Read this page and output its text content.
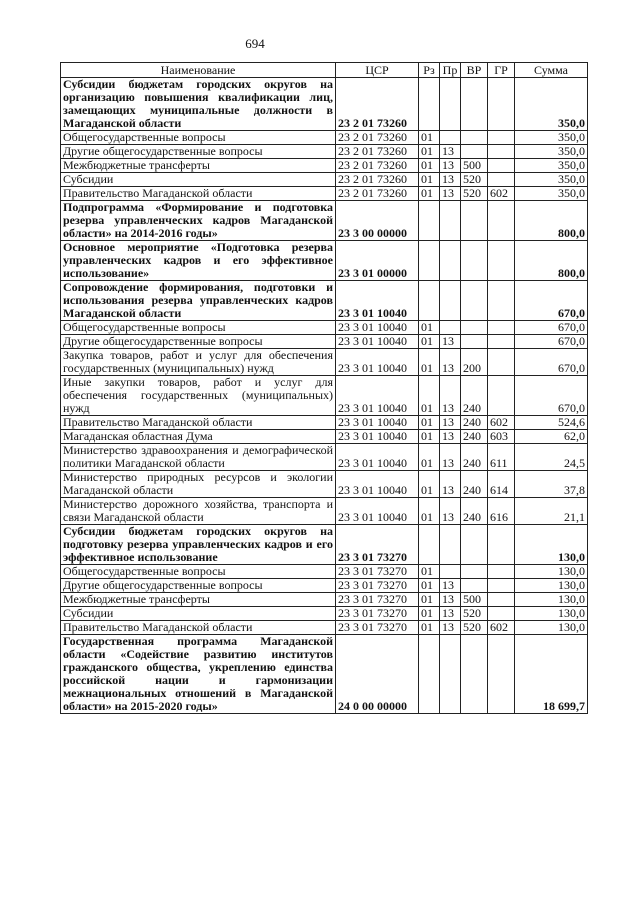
694
Наименование	ЦСР	Рз	Пр	ВР	ГР	Сумма
Субсидии бюджетам городских округов на организацию повышения квалификации лиц, замещающих муниципальные должности в Магаданской области	23 2 01 73260					350,0
Общегосударственные вопросы	23 2 01 73260	01				350,0
Другие общегосударственные вопросы	23 2 01 73260	01	13			350,0
Межбюджетные трансферты	23 2 01 73260	01	13	500		350,0
Субсидии	23 2 01 73260	01	13	520		350,0
Правительство Магаданской области	23 2 01 73260	01	13	520	602	350,0
Подпрограмма «Формирование и подготовка резерва управленческих кадров Магаданской области» на 2014-2016 годы»	23 3 00 00000					800,0
Основное мероприятие «Подготовка резерва управленческих кадров и его эффективное использование»	23 3 01 00000					800,0
Сопровождение формирования, подготовки и использования резерва управленческих кадров Магаданской области	23 3 01 10040					670,0
Общегосударственные вопросы	23 3 01 10040	01				670,0
Другие общегосударственные вопросы	23 3 01 10040	01	13			670,0
Закупка товаров, работ и услуг для обеспечения государственных (муниципальных) нужд	23 3 01 10040	01	13	200		670,0
Иные закупки товаров, работ и услуг для обеспечения государственных (муниципальных) нужд	23 3 01 10040	01	13	240		670,0
Правительство Магаданской области	23 3 01 10040	01	13	240	602	524,6
Магаданская областная Дума	23 3 01 10040	01	13	240	603	62,0
Министерство здравоохранения и демографической политики Магаданской области	23 3 01 10040	01	13	240	611	24,5
Министерство природных ресурсов и экологии Магаданской области	23 3 01 10040	01	13	240	614	37,8
Министерство дорожного хозяйства, транспорта и связи Магаданской области	23 3 01 10040	01	13	240	616	21,1
Субсидии бюджетам городских округов на подготовку резерва управленческих кадров и его эффективное использование	23 3 01 73270					130,0
Общегосударственные вопросы	23 3 01 73270	01				130,0
Другие общегосударственные вопросы	23 3 01 73270	01	13			130,0
Межбюджетные трансферты	23 3 01 73270	01	13	500		130,0
Субсидии	23 3 01 73270	01	13	520		130,0
Правительство Магаданской области	23 3 01 73270	01	13	520	602	130,0
Государственная программа Магаданской области «Содействие развитию институтов гражданского общества, укреплению единства российской нации и гармонизации межнациональных отношений в Магаданской области» на 2015-2020 годы»	24 0 00 00000					18 699,7
